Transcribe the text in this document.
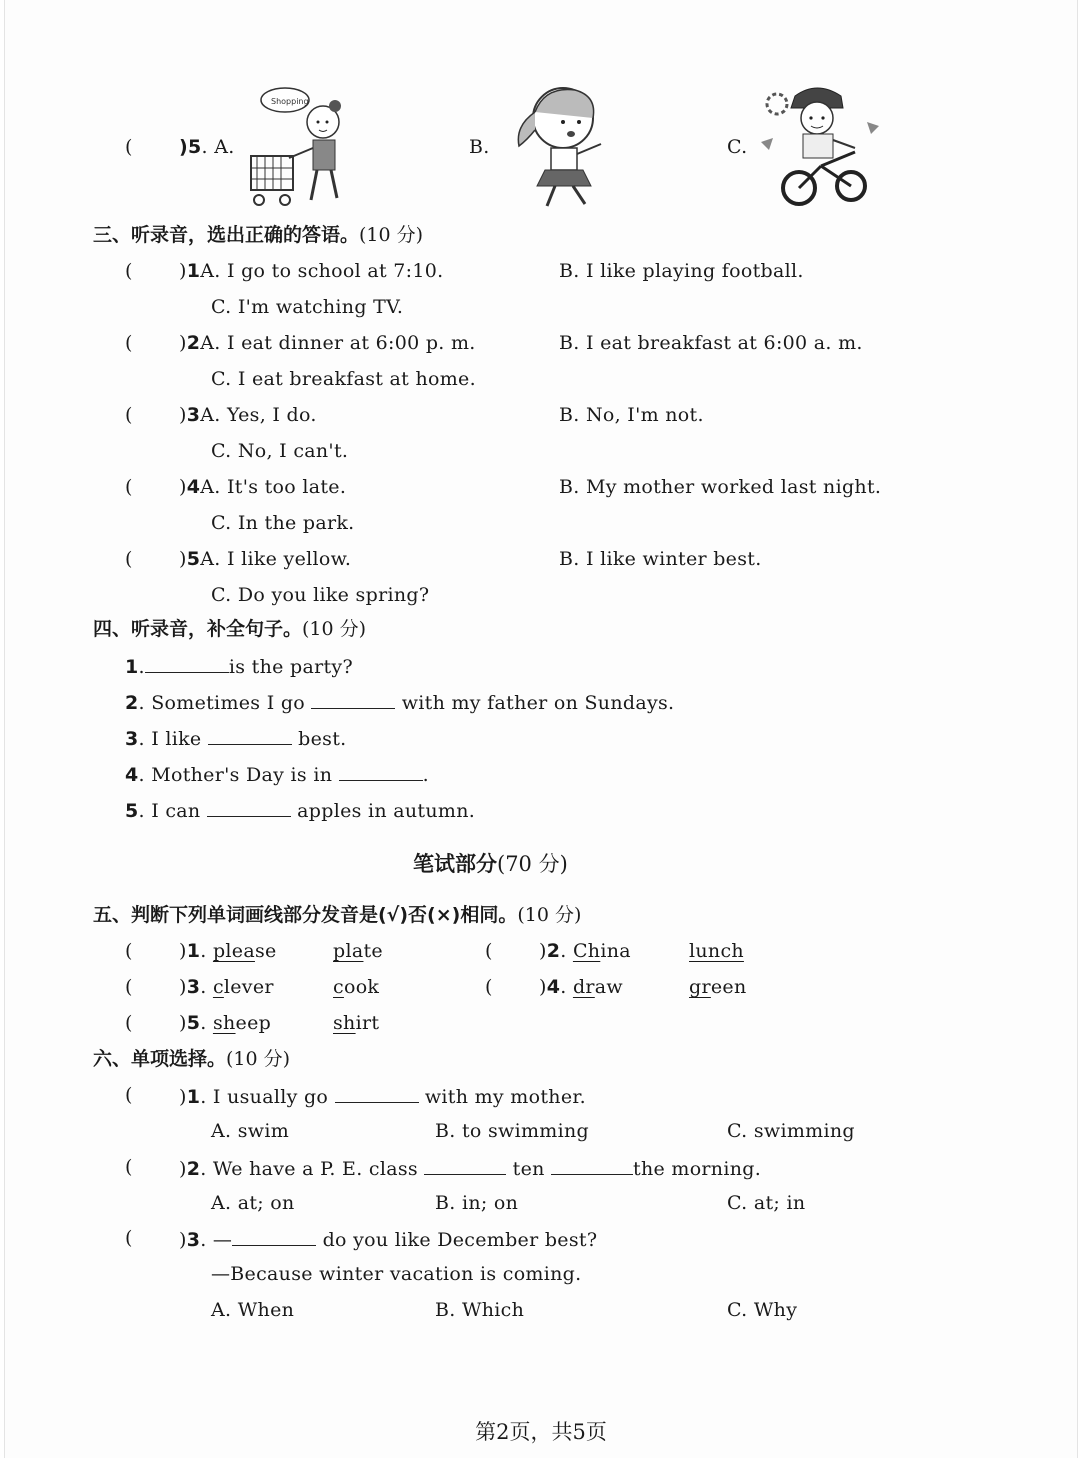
( )5. A.
Shopping
B.	C.
三、听录音，选出正确的答语。(10 分)
( )1A. I go to school at 7:10.	B. I like playing football.
C. I'm watching TV.
( )2A. I eat dinner at 6:00 p. m.	B. I eat breakfast at 6:00 a. m.
C. I eat breakfast at home.
( )3A. Yes, I do.	B. No, I'm not.
C. No, I can't.
( )4A. It's too late.	B. My mother worked last night.
C. In the park.
( )5A. I like yellow.	B. I like winter best.
C. Do you like spring?
四、听录音，补全句子。(10 分)
1.	is the party?
2. Sometimes I go	with my father on Sundays.
3. I like	best.
4. Mother's Day is in	.
5. I can	apples in autumn.
笔试部分(70 分)
五、判断下列单词画线部分发音是(√)否(×)相同。(10 分)
( )1. please	plate	( )2. China	lunch
( )3. clever	cook	( )4. draw	green
( )5. sheep	shirt
六、单项选择。(10 分)
( )1. I usually go	with my mother.
A. swim	B. to swimming	C. swimming
( )2. We have a P. E. class	ten	the morning.
A. at; on	B. in; on	C. at; in
( )3. —	do you like December best?
—Because winter vacation is coming.
A. When	B. Which	C. Why
第2页，共5页
